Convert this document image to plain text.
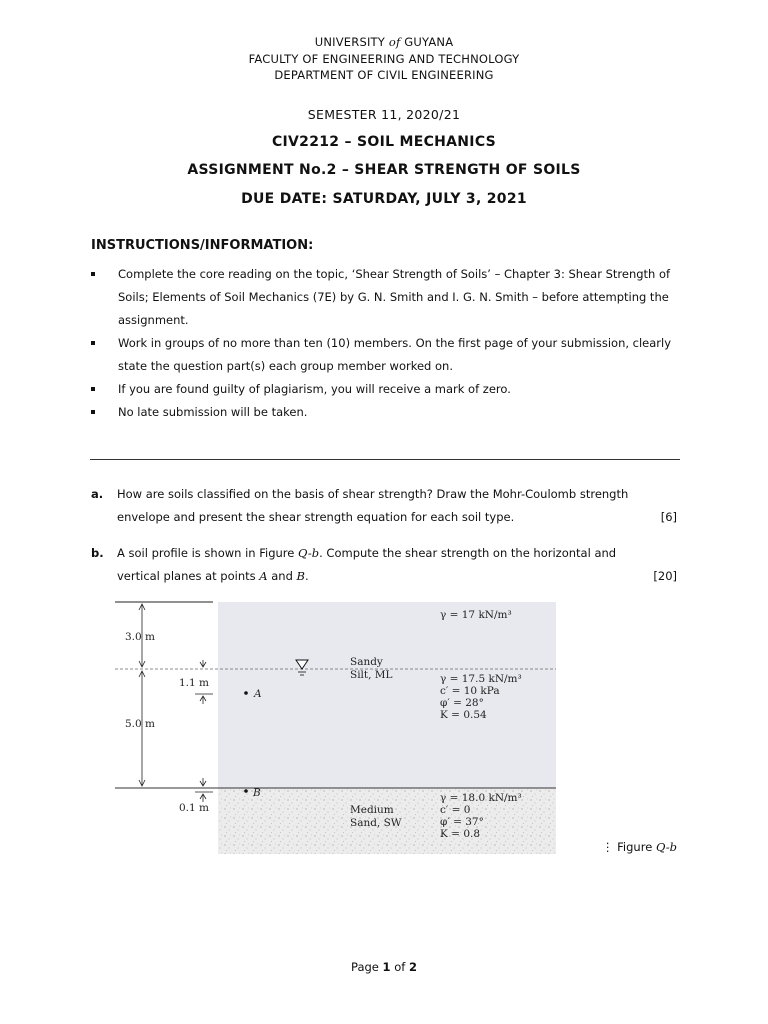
UNIVERSITY of GUYANA
FACULTY OF ENGINEERING AND TECHNOLOGY
DEPARTMENT OF CIVIL ENGINEERING
SEMESTER 11, 2020/21
CIV2212 – SOIL MECHANICS
ASSIGNMENT No.2 – SHEAR STRENGTH OF SOILS
DUE DATE: SATURDAY, JULY 3, 2021
INSTRUCTIONS/INFORMATION:
Complete the core reading on the topic, ‘Shear Strength of Soils’ – Chapter 3: Shear Strength of Soils; Elements of Soil Mechanics (7E) by G. N. Smith and I. G. N. Smith – before attempting the assignment.
Work in groups of no more than ten (10) members. On the first page of your submission, clearly state the question part(s) each group member worked on.
If you are found guilty of plagiarism, you will receive a mark of zero.
No late submission will be taken.
a. How are soils classified on the basis of shear strength? Draw the Mohr-Coulomb strength envelope and present the shear strength equation for each soil type.	[6]
b. A soil profile is shown in Figure Q-b. Compute the shear strength on the horizontal and vertical planes at points A and B.	[20]
3.0 m
5.0 m
1.1 m
0.1 m
A
B
γ = 17 kN/m³
Sandy
Silt, ML	γ = 17.5 kN/m³
c′ = 10 kPa
φ′ = 28°
K = 0.54
Medium
Sand, SW
γ = 18.0 kN/m³
c′ = 0
φ′ = 37°
K = 0.8
⋮ Figure Q-b
Page 1 of 2
